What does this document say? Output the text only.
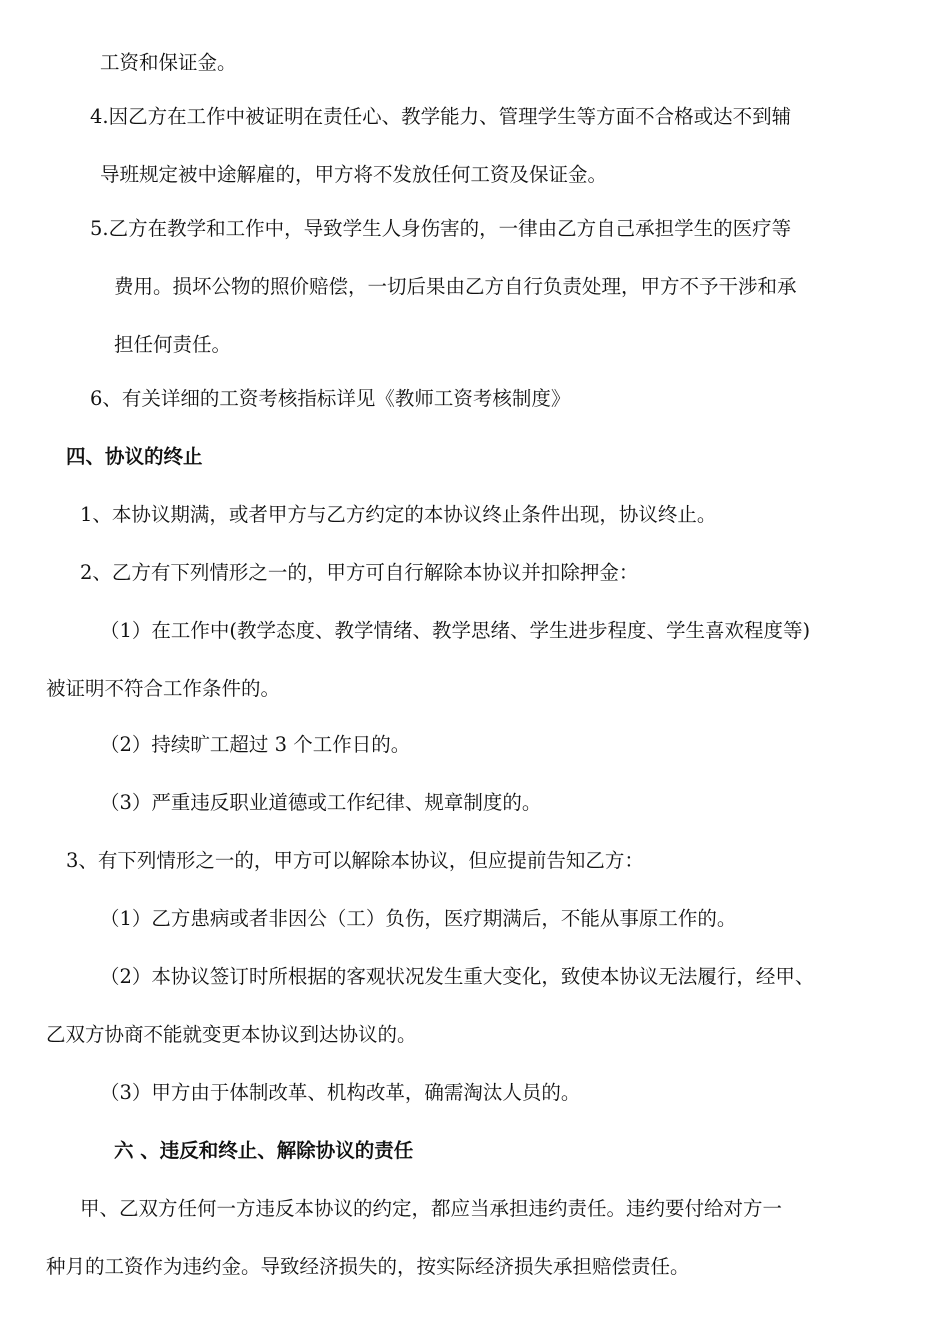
工资和保证金。
4.因乙方在工作中被证明在责任心、教学能力、管理学生等方面不合格或达不到辅
导班规定被中途解雇的，甲方将不发放任何工资及保证金。
5.乙方在教学和工作中，导致学生人身伤害的，一律由乙方自己承担学生的医疗等
费用。损坏公物的照价赔偿，一切后果由乙方自行负责处理，甲方不予干涉和承
担任何责任。
6、有关详细的工资考核指标详见《教师工资考核制度》
四、协议的终止
1、本协议期满，或者甲方与乙方约定的本协议终止条件出现，协议终止。
2、乙方有下列情形之一的，甲方可自行解除本协议并扣除押金：
（1）在工作中(教学态度、教学情绪、教学思绪、学生进步程度、学生喜欢程度等)
被证明不符合工作条件的。
（2）持续旷工超过 3 个工作日的。
（3）严重违反职业道德或工作纪律、规章制度的。
3、有下列情形之一的，甲方可以解除本协议，但应提前告知乙方：
（1）乙方患病或者非因公（工）负伤，医疗期满后，不能从事原工作的。
（2）本协议签订时所根据的客观状况发生重大变化，致使本协议无法履行，经甲、
乙双方协商不能就变更本协议到达协议的。
（3）甲方由于体制改革、机构改革，确需淘汰人员的。
六 、违反和终止、解除协议的责任
甲、乙双方任何一方违反本协议的约定，都应当承担违约责任。违约要付给对方一
种月的工资作为违约金。导致经济损失的，按实际经济损失承担赔偿责任。
